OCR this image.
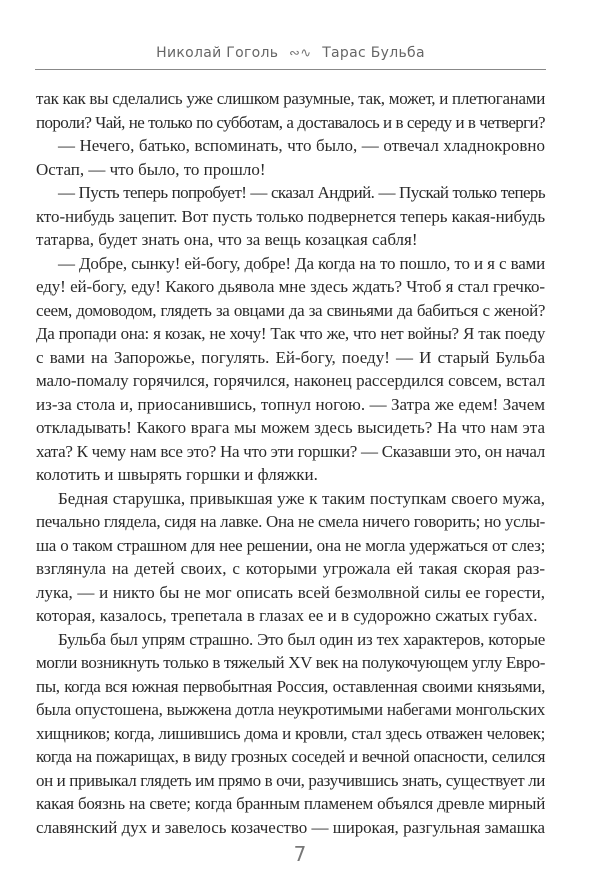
Николай Гоголь ∾∿ Тарас Бульба
так как вы сделались уже слишком разумные, так, может, и плетюганами
пороли? Чай, не только по субботам, а доставалось и в середу и в четверги?
— Нечего, батько, вспоминать, что было, — отвечал хладнокровно
Остап, — что было, то прошло!
— Пусть теперь попробует! — сказал Андрий. — Пускай только теперь
кто-нибудь зацепит. Вот пусть только подвернется теперь какая-нибудь
татарва, будет знать она, что за вещь козацкая сабля!
— Добре, сынку! ей-богу, добре! Да когда на то пошло, то и я с вами
еду! ей-богу, еду! Какого дьявола мне здесь ждать? Чтоб я стал гречко-
сеем, домоводом, глядеть за овцами да за свиньями да бабиться с женой?
Да пропади она: я козак, не хочу! Так что же, что нет войны? Я так поеду
с вами на Запорожье, погулять. Ей-богу, поеду! — И старый Бульба
мало-помалу горячился, горячился, наконец рассердился совсем, встал
из-за стола и, приосанившись, топнул ногою. — Затра же едем! Зачем
откладывать! Какого врага мы можем здесь высидеть? На что нам эта
хата? К чему нам все это? На что эти горшки? — Сказавши это, он начал
колотить и швырять горшки и фляжки.
Бедная старушка, привыкшая уже к таким поступкам своего мужа,
печально глядела, сидя на лавке. Она не смела ничего говорить; но услы-
ша о таком страшном для нее решении, она не могла удержаться от слез;
взглянула на детей своих, с которыми угрожала ей такая скорая раз-
лука, — и никто бы не мог описать всей безмолвной силы ее горести,
которая, казалось, трепетала в глазах ее и в судорожно сжатых губах.
Бульба был упрям страшно. Это был один из тех характеров, которые
могли возникнуть только в тяжелый XV век на полукочующем углу Евро-
пы, когда вся южная первобытная Россия, оставленная своими князьями,
была опустошена, выжжена дотла неукротимыми набегами монгольских
хищников; когда, лишившись дома и кровли, стал здесь отважен человек;
когда на пожарищах, в виду грозных соседей и вечной опасности, селился
он и привыкал глядеть им прямо в очи, разучившись знать, существует ли
какая боязнь на свете; когда бранным пламенем объялся древле мирный
славянский дух и завелось козачество — широкая, разгульная замашка
7
